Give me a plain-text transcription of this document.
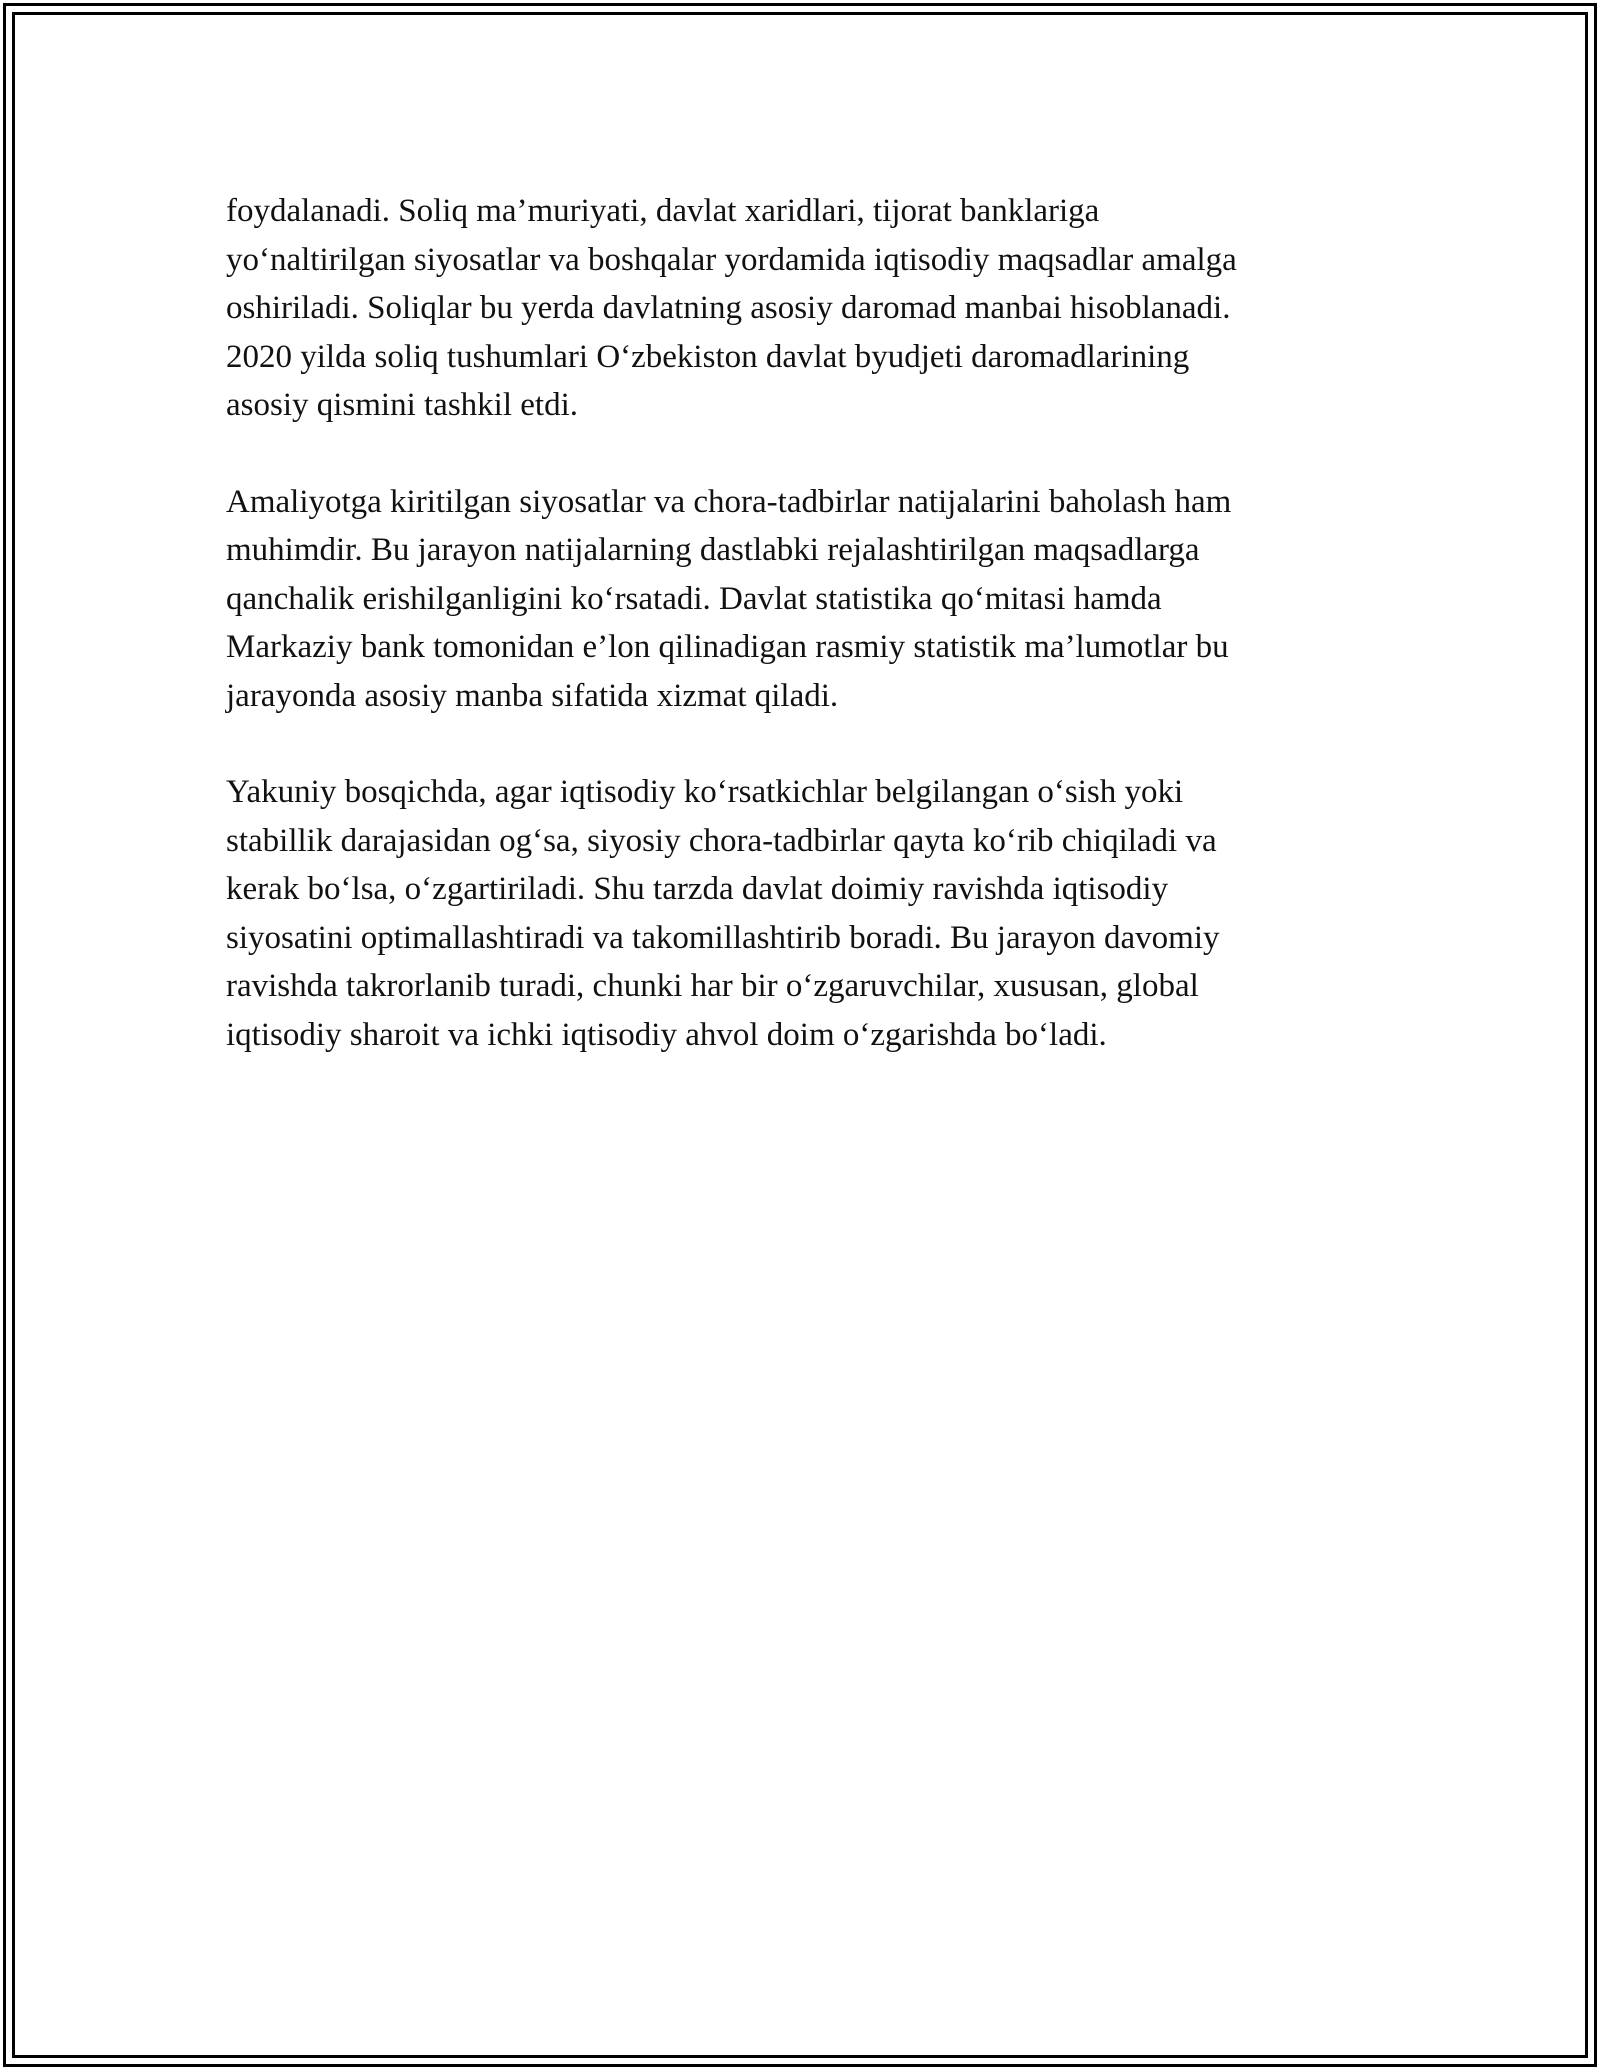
foydalanadi. Soliq ma’muriyati, davlat xaridlari, tijorat banklariga
yo‘naltirilgan siyosatlar va boshqalar yordamida iqtisodiy maqsadlar amalga
oshiriladi. Soliqlar bu yerda davlatning asosiy daromad manbai hisoblanadi.
2020 yilda soliq tushumlari O‘zbekiston davlat byudjeti daromadlarining
asosiy qismini tashkil etdi.

Amaliyotga kiritilgan siyosatlar va chora-tadbirlar natijalarini baholash ham
muhimdir. Bu jarayon natijalarning dastlabki rejalashtirilgan maqsadlarga
qanchalik erishilganligini ko‘rsatadi. Davlat statistika qo‘mitasi hamda
Markaziy bank tomonidan e’lon qilinadigan rasmiy statistik ma’lumotlar bu
jarayonda asosiy manba sifatida xizmat qiladi.

Yakuniy bosqichda, agar iqtisodiy ko‘rsatkichlar belgilangan o‘sish yoki
stabillik darajasidan og‘sa, siyosiy chora-tadbirlar qayta ko‘rib chiqiladi va
kerak bo‘lsa, o‘zgartiriladi. Shu tarzda davlat doimiy ravishda iqtisodiy
siyosatini optimallashtiradi va takomillashtirib boradi. Bu jarayon davomiy
ravishda takrorlanib turadi, chunki har bir o‘zgaruvchilar, xususan, global
iqtisodiy sharoit va ichki iqtisodiy ahvol doim o‘zgarishda bo‘ladi.
